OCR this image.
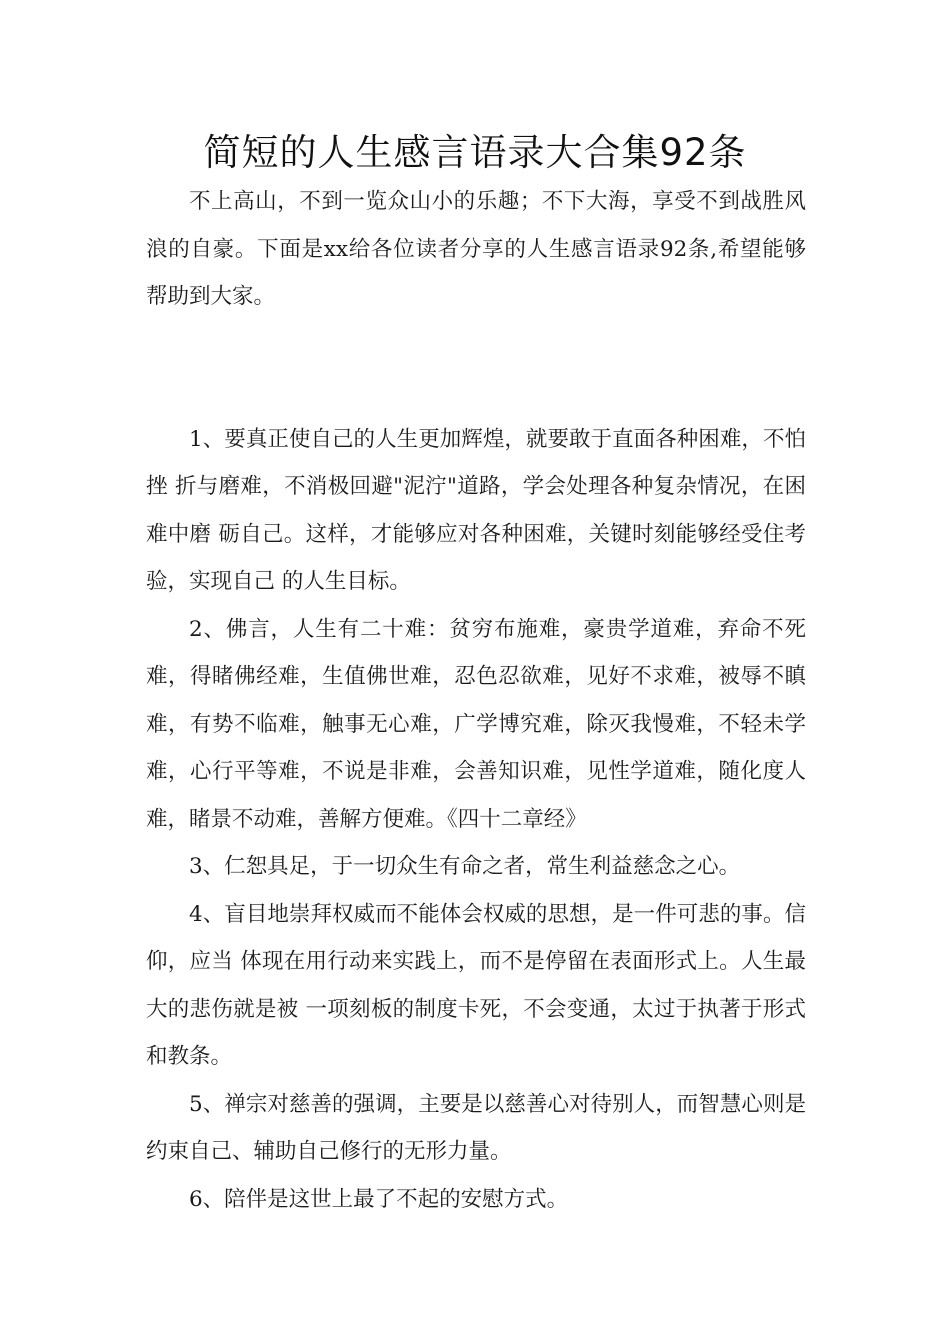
简短的人生感言语录大合集92条

不上高山，不到一览众山小的乐趣；不下大海，享受不到战胜风浪的自豪。下面是xx给各位读者分享的人生感言语录92条,希望能够帮助到大家。

1、要真正使自己的人生更加辉煌，就要敢于直面各种困难，不怕挫 折与磨难，不消极回避"泥泞"道路，学会处理各种复杂情况，在困难中磨 砺自己。这样，才能够应对各种困难，关键时刻能够经受住考验，实现自己 的人生目标。

2、佛言，人生有二十难：贫穷布施难，豪贵学道难，弃命不死难，得睹佛经难，生值佛世难，忍色忍欲难，见好不求难，被辱不瞋难，有势不临难，触事无心难，广学博究难，除灭我慢难，不轻未学难，心行平等难，不说是非难，会善知识难，见性学道难，随化度人难，睹景不动难，善解方便难。《四十二章经》

3、仁恕具足，于一切众生有命之者，常生利益慈念之心。

4、盲目地崇拜权威而不能体会权威的思想，是一件可悲的事。信仰，应当 体现在用行动来实践上，而不是停留在表面形式上。人生最大的悲伤就是被 一项刻板的制度卡死，不会变通，太过于执著于形式和教条。

5、禅宗对慈善的强调，主要是以慈善心对待别人，而智慧心则是约束自己、辅助自己修行的无形力量。

6、陪伴是这世上最了不起的安慰方式。
